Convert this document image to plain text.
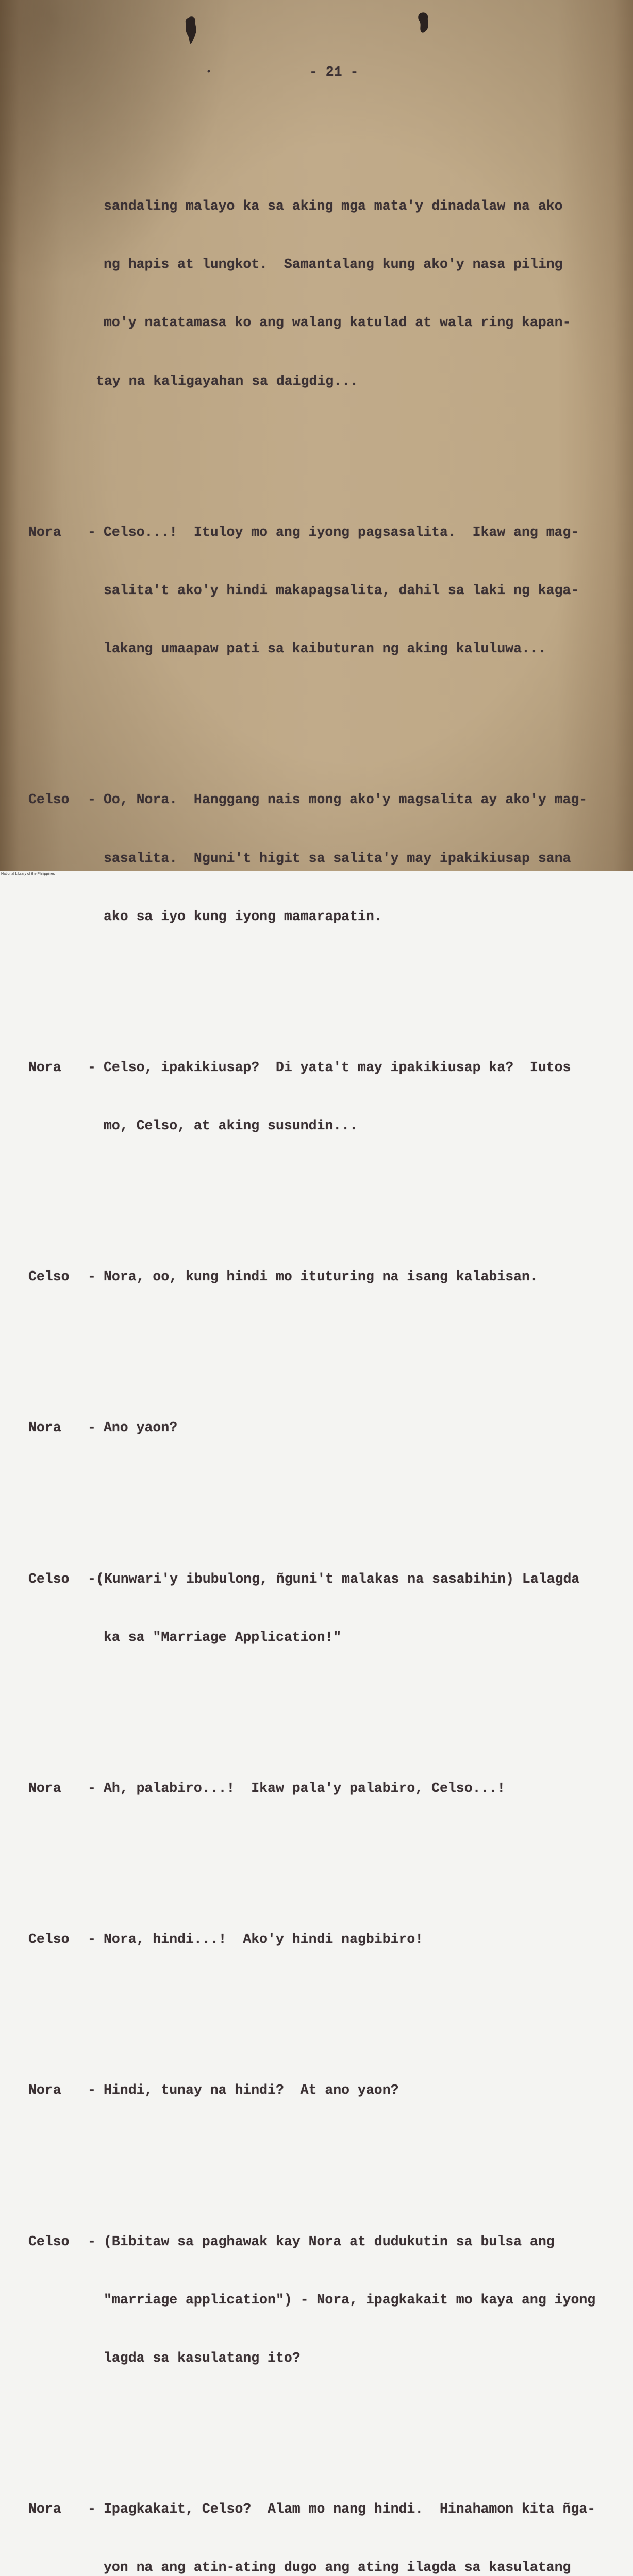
- 21 -

sandaling malayo ka sa aking mga mata'y dinadalaw na ako

ng hapis at lungkot.  Samantalang kung ako'y nasa piling

mo'y natatamasa ko ang walang katulad at wala ring kapan-

tay na kaligayahan sa daigdig...

Nora

-

Celso...!  Ituloy mo ang iyong pagsasalita.  Ikaw ang mag-

salita't ako'y hindi makapagsalita, dahil sa laki ng kaga-

lakang umaapaw pati sa kaibuturan ng aking kaluluwa...

Celso

-

Oo, Nora.  Hanggang nais mong ako'y magsalita ay ako'y mag-

sasalita.  Nguni't higit sa salita'y may ipakikiusap sana

ako sa iyo kung iyong mamarapatin.

Nora

-

Celso, ipakikiusap?  Di yata't may ipakikiusap ka?  Iutos

mo, Celso, at aking susundin...

Celso

-

Nora, oo, kung hindi mo ituturing na isang kalabisan.

Nora

-

Ano yaon?

Celso

-

(Kunwari'y ibubulong, ñguni't malakas na sasabihin) Lalagda

ka sa "Marriage Application!"

Nora

-

Ah, palabiro...!  Ikaw pala'y palabiro, Celso...!

Celso

-

Nora, hindi...!  Ako'y hindi nagbibiro!

Nora

-

Hindi, tunay na hindi?  At ano yaon?

Celso

-

(Bibitaw sa paghawak kay Nora at dudukutin sa bulsa ang

"marriage application") - Nora, ipagkakait mo kaya ang iyong

lagda sa kasulatang ito?

Nora

-

Ipagkakait, Celso?  Alam mo nang hindi.  Hinahamon kita ñga-

yon na ang atin-ating dugo ang ating ilagda sa kasulatang

National Library of the Philippines
